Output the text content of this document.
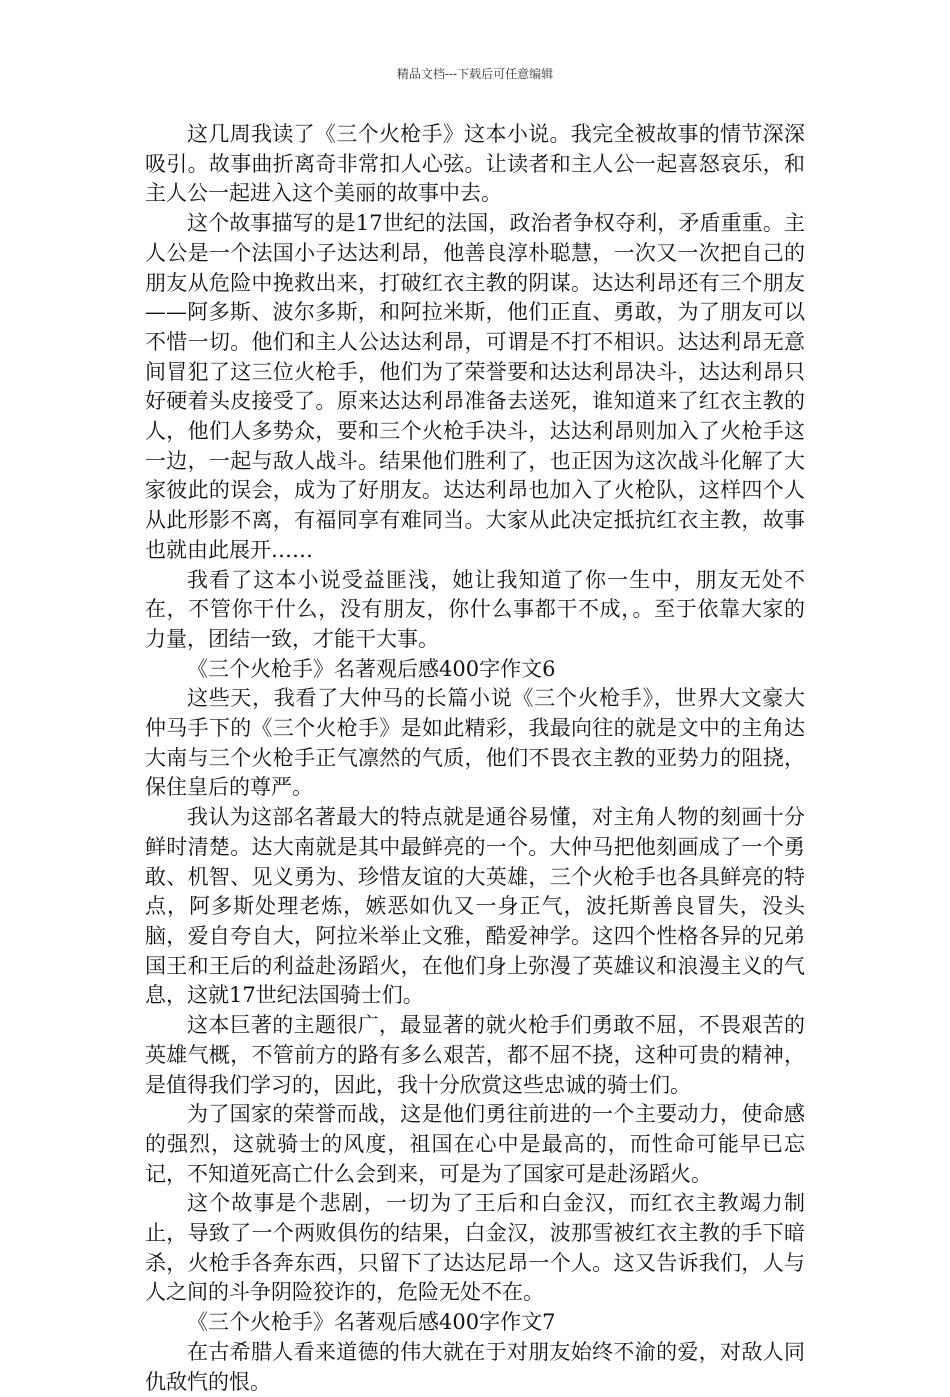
精品文档---下载后可任意编辑

这几周我读了《三个火枪手》这本小说。我完全被故事的情节深深吸引。故事曲折离奇非常扣人心弦。让读者和主人公一起喜怒哀乐，和主人公一起进入这个美丽的故事中去。

这个故事描写的是17世纪的法国，政治者争权夺利，矛盾重重。主人公是一个法国小子达达利昂，他善良淳朴聪慧，一次又一次把自己的朋友从危险中挽救出来，打破红衣主教的阴谋。达达利昂还有三个朋友——阿多斯、波尔多斯，和阿拉米斯，他们正直、勇敢，为了朋友可以不惜一切。他们和主人公达达利昂，可谓是不打不相识。达达利昂无意间冒犯了这三位火枪手，他们为了荣誉要和达达利昂决斗，达达利昂只好硬着头皮接受了。原来达达利昂准备去送死，谁知道来了红衣主教的人，他们人多势众，要和三个火枪手决斗，达达利昂则加入了火枪手这一边，一起与敌人战斗。结果他们胜利了，也正因为这次战斗化解了大家彼此的误会，成为了好朋友。达达利昂也加入了火枪队，这样四个人从此形影不离，有福同享有难同当。大家从此决定抵抗红衣主教，故事也就由此展开……

我看了这本小说受益匪浅，她让我知道了你一生中，朋友无处不在，不管你干什么，没有朋友，你什么事都干不成，。至于依靠大家的力量，团结一致，才能干大事。

《三个火枪手》名著观后感400字作文6

这些天，我看了大仲马的长篇小说《三个火枪手》，世界大文豪大仲马手下的《三个火枪手》是如此精彩，我最向往的就是文中的主角达大南与三个火枪手正气凛然的气质，他们不畏衣主教的亚势力的阻挠，保住皇后的尊严。

我认为这部名著最大的特点就是通谷易懂，对主角人物的刻画十分鲜时清楚。达大南就是其中最鲜亮的一个。大仲马把他刻画成了一个勇敢、机智、见义勇为、珍惜友谊的大英雄，三个火枪手也各具鲜亮的特点，阿多斯处理老炼，嫉恶如仇又一身正气，波托斯善良冒失，没头脑，爱自夸自大，阿拉米举止文雅，酷爱神学。这四个性格各异的兄弟国王和王后的利益赴汤蹈火，在他们身上弥漫了英雄议和浪漫主义的气息，这就17世纪法国骑士们。

这本巨著的主题很广，最显著的就火枪手们勇敢不屈，不畏艰苦的英雄气概，不管前方的路有多么艰苦，都不屈不挠，这种可贵的精神，是值得我们学习的，因此，我十分欣赏这些忠诚的骑士们。

为了国家的荣誉而战，这是他们勇往前进的一个主要动力，使命感的强烈，这就骑士的风度，祖国在心中是最高的，而性命可能早已忘记，不知道死高亡什么会到来，可是为了国家可是赴汤蹈火。

这个故事是个悲剧，一切为了王后和白金汉，而红衣主教竭力制止，导致了一个两败俱伤的结果，白金汉，波那雪被红衣主教的手下暗杀，火枪手各奔东西，只留下了达达尼昂一个人。这又告诉我们，人与人之间的斗争阴险狡诈的，危险无处不在。

《三个火枪手》名著观后感400字作文7

在古希腊人看来道德的伟大就在于对朋友始终不渝的爱，对敌人同仇敌忾的恨。
